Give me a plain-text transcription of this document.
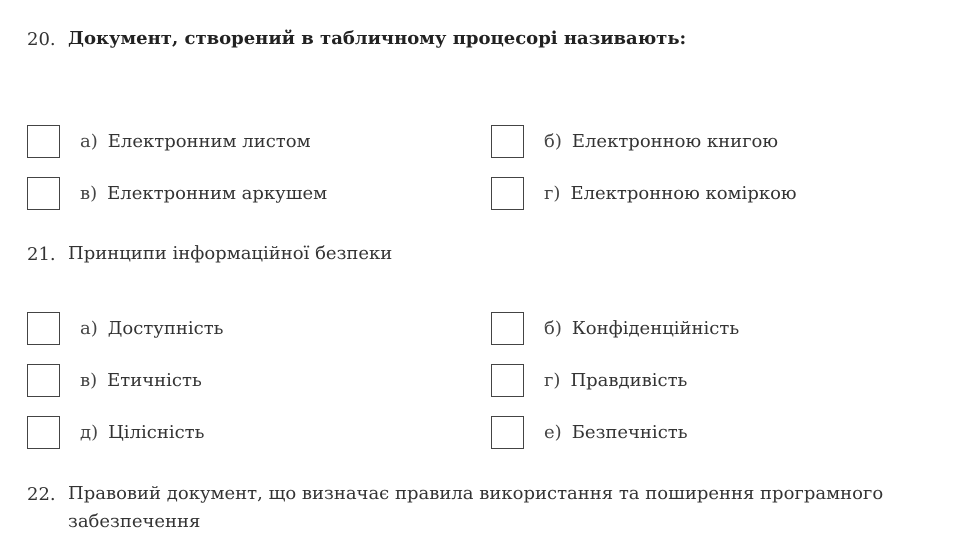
20. Документ, створений в табличному процесорі називають:
а) Електронним листом	б) Електронною книгою
в) Електронним аркушем	г) Електронною коміркою
21. Принципи інформаційної безпеки
а) Доступність	б) Конфіденційність
в) Етичність	г) Правдивість
д) Цілісність	е) Безпечність
22. Правовий документ, що визначає правила використання та поширення програмного
забезпечення
